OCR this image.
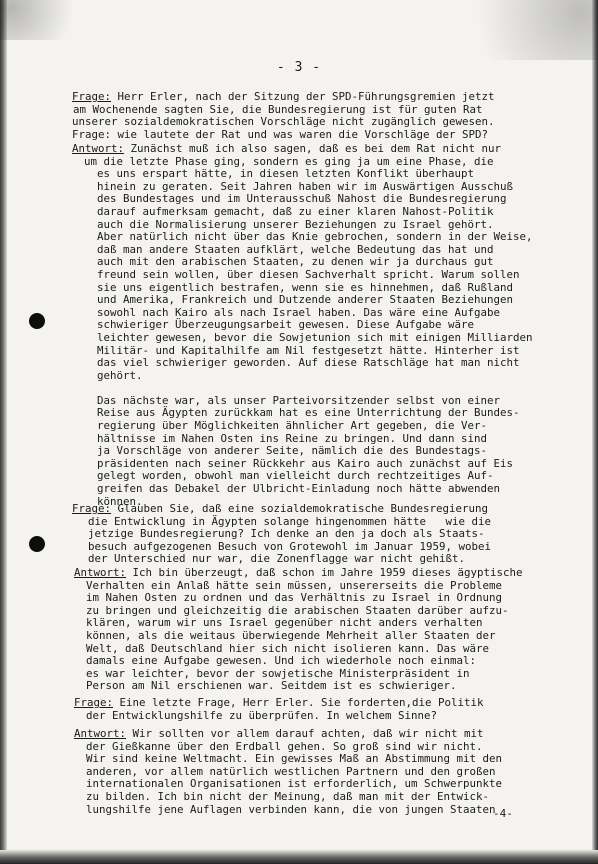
- 3 -

Frage: Herr Erler, nach der Sitzung der SPD-Führungsgremien jetzt
am Wochenende sagten Sie, die Bundesregierung ist für guten Rat
unserer sozialdemokratischen Vorschläge nicht zugänglich gewesen.
Frage: wie lautete der Rat und was waren die Vorschläge der SPD?

Antwort: Zunächst muß ich also sagen, daß es bei dem Rat nicht nur
um die letzte Phase ging, sondern es ging ja um eine Phase, die
es uns erspart hätte, in diesen letzten Konflikt überhaupt
hinein zu geraten. Seit Jahren haben wir im Auswärtigen Ausschuß
des Bundestages und im Unterausschuß Nahost die Bundesregierung
darauf aufmerksam gemacht, daß zu einer klaren Nahost-Politik
auch die Normalisierung unserer Beziehungen zu Israel gehört.
Aber natürlich nicht über das Knie gebrochen, sondern in der Weise,
daß man andere Staaten aufklärt, welche Bedeutung das hat und
auch mit den arabischen Staaten, zu denen wir ja durchaus gut
freund sein wollen, über diesen Sachverhalt spricht. Warum sollen
sie uns eigentlich bestrafen, wenn sie es hinnehmen, daß Rußland
und Amerika, Frankreich und Dutzende anderer Staaten Beziehungen
sowohl nach Kairo als nach Israel haben. Das wäre eine Aufgabe
schwieriger Überzeugungsarbeit gewesen. Diese Aufgabe wäre
leichter gewesen, bevor die Sowjetunion sich mit einigen Milliarden
Militär- und Kapitalhilfe am Nil festgesetzt hätte. Hinterher ist
das viel schwieriger geworden. Auf diese Ratschläge hat man nicht
gehört.

Das nächste war, als unser Parteivorsitzender selbst von einer
Reise aus Ägypten zurückkam hat es eine Unterrichtung der Bundes-
regierung über Möglichkeiten ähnlicher Art gegeben, die Ver-
hältnisse im Nahen Osten ins Reine zu bringen. Und dann sind
ja Vorschläge von anderer Seite, nämlich die des Bundestags-
präsidenten nach seiner Rückkehr aus Kairo auch zunächst auf Eis
gelegt worden, obwohl man vielleicht durch rechtzeitiges Auf-
greifen das Debakel der Ulbricht-Einladung noch hätte abwenden
können.

Frage: Glauben Sie, daß eine sozialdemokratische Bundesregierung
die Entwicklung in Ägypten solange hingenommen hätte   wie die
jetzige Bundesregierung? Ich denke an den ja doch als Staats-
besuch aufgezogenen Besuch von Grotewohl im Januar 1959, wobei
der Unterschied nur war, die Zonenflagge war nicht gehißt.

Antwort: Ich bin überzeugt, daß schon im Jahre 1959 dieses ägyptische
Verhalten ein Anlaß hätte sein müssen, unsererseits die Probleme
im Nahen Osten zu ordnen und das Verhältnis zu Israel in Ordnung
zu bringen und gleichzeitig die arabischen Staaten darüber aufzu-
klären, warum wir uns Israel gegenüber nicht anders verhalten
können, als die weitaus überwiegende Mehrheit aller Staaten der
Welt, daß Deutschland hier sich nicht isolieren kann. Das wäre
damals eine Aufgabe gewesen. Und ich wiederhole noch einmal:
es war leichter, bevor der sowjetische Ministerpräsident in
Person am Nil erschienen war. Seitdem ist es schwieriger.

Frage: Eine letzte Frage, Herr Erler. Sie forderten,die Politik
der Entwicklungshilfe zu überprüfen. In welchem Sinne?

Antwort: Wir sollten vor allem darauf achten, daß wir nicht mit
der Gießkanne über den Erdball gehen. So groß sind wir nicht.
Wir sind keine Weltmacht. Ein gewisses Maß an Abstimmung mit den
anderen, vor allem natürlich westlichen Partnern und den großen
internationalen Organisationen ist erforderlich, um Schwerpunkte
zu bilden. Ich bin nicht der Meinung, daß man mit der Entwick-
lungshilfe jene Auflagen verbinden kann, die von jungen Staaten

-4-
